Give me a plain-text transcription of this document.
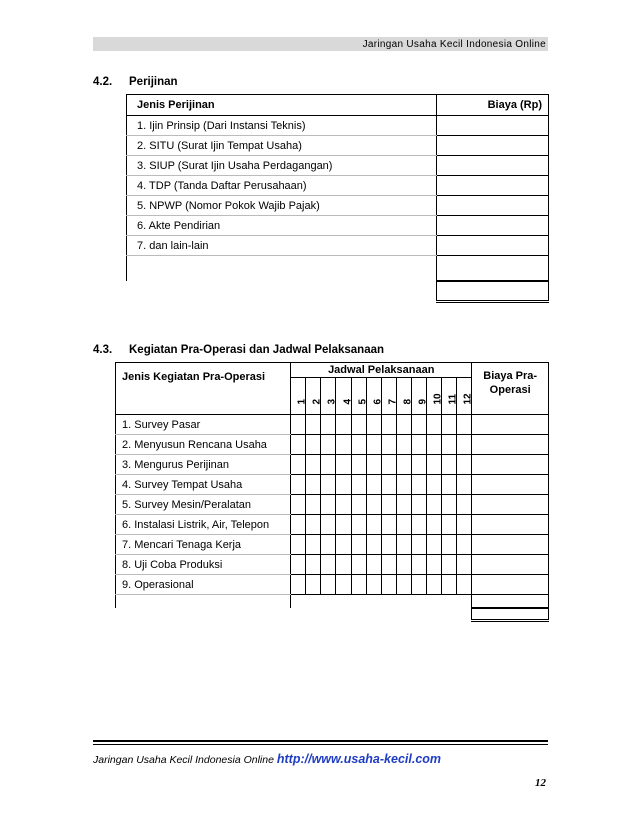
Jaringan Usaha Kecil Indonesia Online
4.2. Perijinan
Jenis Perijinan	Biaya (Rp)
1. Ijin Prinsip (Dari Instansi Teknis)	
2. SITU (Surat Ijin Tempat Usaha)	
3. SIUP (Surat Ijin Usaha Perdagangan)	
4. TDP (Tanda Daftar Perusahaan)	
5. NPWP (Nomor Pokok Wajib Pajak)	
6. Akte Pendirian	
7. dan lain-lain	

4.3. Kegiatan Pra-Operasi dan Jadwal Pelaksanaan
Jenis Kegiatan Pra-Operasi	Jadwal Pelaksanaan												Biaya Pra-Operasi

	1	2	3	4	5	6	7	8	9	10	11	12	

1. Survey Pasar													
2. Menyusun Rencana Usaha													
3. Mengurus Perijinan													
4. Survey Tempat Usaha													
5. Survey Mesin/Peralatan													
6. Instalasi Listrik, Air, Telepon													
7. Mencari Tenaga Kerja													
8. Uji Coba Produksi													
9. Operasional													

Jaringan Usaha Kecil Indonesia Online http://www.usaha-kecil.com
12
